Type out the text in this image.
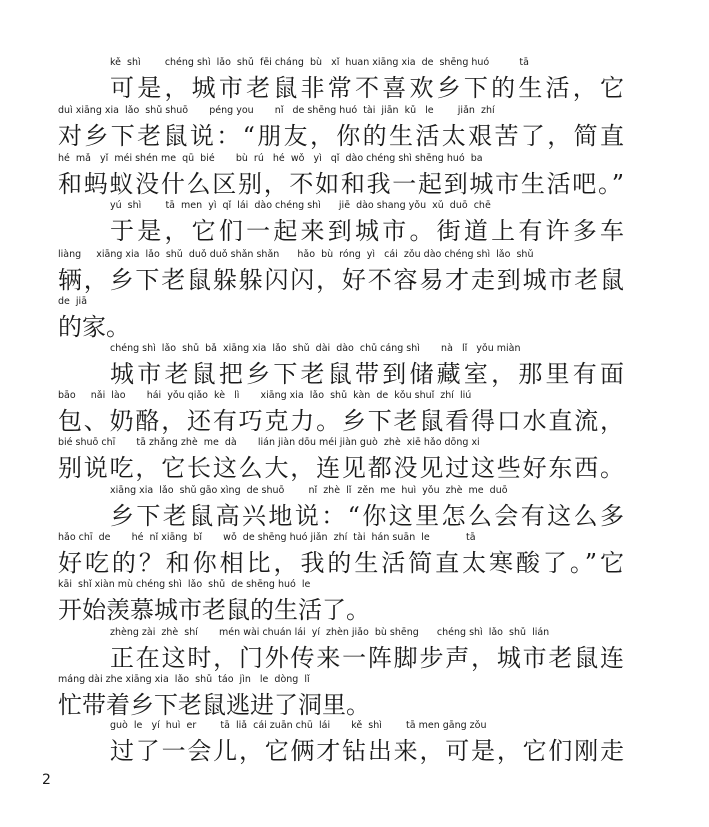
kě  shì        chéng shì  lǎo  shǔ  fēi cháng  bù   xǐ  huan xiāng xia  de  shēng huó          tā
可是，城市老鼠非常不喜欢乡下的生活，它
duì xiāng xia  lǎo  shǔ shuō       péng you       nǐ   de shēng huó  tài  jiān  kǔ   le        jiǎn  zhí
对乡下老鼠说：“朋友，你的生活太艰苦了，简直
hé  mǎ   yǐ  méi shén me  qū  bié       bù  rú   hé  wǒ   yì   qǐ  dào chéng shì shēng huó  ba
和蚂蚁没什么区别，不如和我一起到城市生活吧。”
yú  shì        tā  men  yì  qǐ  lái  dào chéng shì      jiē  dào shang yǒu  xǔ  duō  chē
于是，它们一起来到城市。街道上有许多车
liàng     xiāng xia  lǎo  shǔ  duǒ duǒ shǎn shǎn      hǎo  bù  róng  yì   cái  zǒu dào chéng shì  lǎo  shǔ
辆，乡下老鼠躲躲闪闪，好不容易才走到城市老鼠
de  jiā
的家。
chéng shì  lǎo  shǔ  bǎ  xiāng xia  lǎo  shǔ  dài  dào  chǔ cáng shì       nà   lǐ   yǒu miàn
城市老鼠把乡下老鼠带到储藏室，那里有面
bāo     nǎi  lào       hái  yǒu qiǎo  kè   lì       xiāng xia  lǎo  shǔ  kàn  de  kǒu shuǐ  zhí  liú
包、奶酪，还有巧克力。乡下老鼠看得口水直流，
bié shuō chī       tā zhǎng zhè  me  dà       lián jiàn dōu méi jiàn guò  zhè  xiē hǎo dōng xi
别说吃，它长这么大，连见都没见过这些好东西。
xiāng xia  lǎo  shǔ gāo xìng  de shuō        nǐ  zhè  lǐ  zěn  me  huì  yǒu  zhè  me  duō
乡下老鼠高兴地说：“你这里怎么会有这么多
hǎo chī  de       hé  nǐ xiāng  bǐ       wǒ  de shēng huó jiǎn  zhí  tài  hán suān  le            tā
好吃的？和你相比，我的生活简直太寒酸了。”它
kāi  shǐ xiàn mù chéng shì  lǎo  shǔ  de shēng huó  le
开始羡慕城市老鼠的生活了。
zhèng zài  zhè  shí       mén wài chuán lái  yí  zhèn jiǎo  bù shēng      chéng shì  lǎo  shǔ  lián
正在这时，门外传来一阵脚步声，城市老鼠连
máng dài zhe xiāng xia  lǎo  shǔ  táo  jìn   le  dòng  lǐ
忙带着乡下老鼠逃进了洞里。
guò  le   yí  huì  er        tā  liǎ  cái zuān chū  lái       kě  shì        tā men gāng zǒu
过了一会儿，它俩才钻出来，可是，它们刚走
2
